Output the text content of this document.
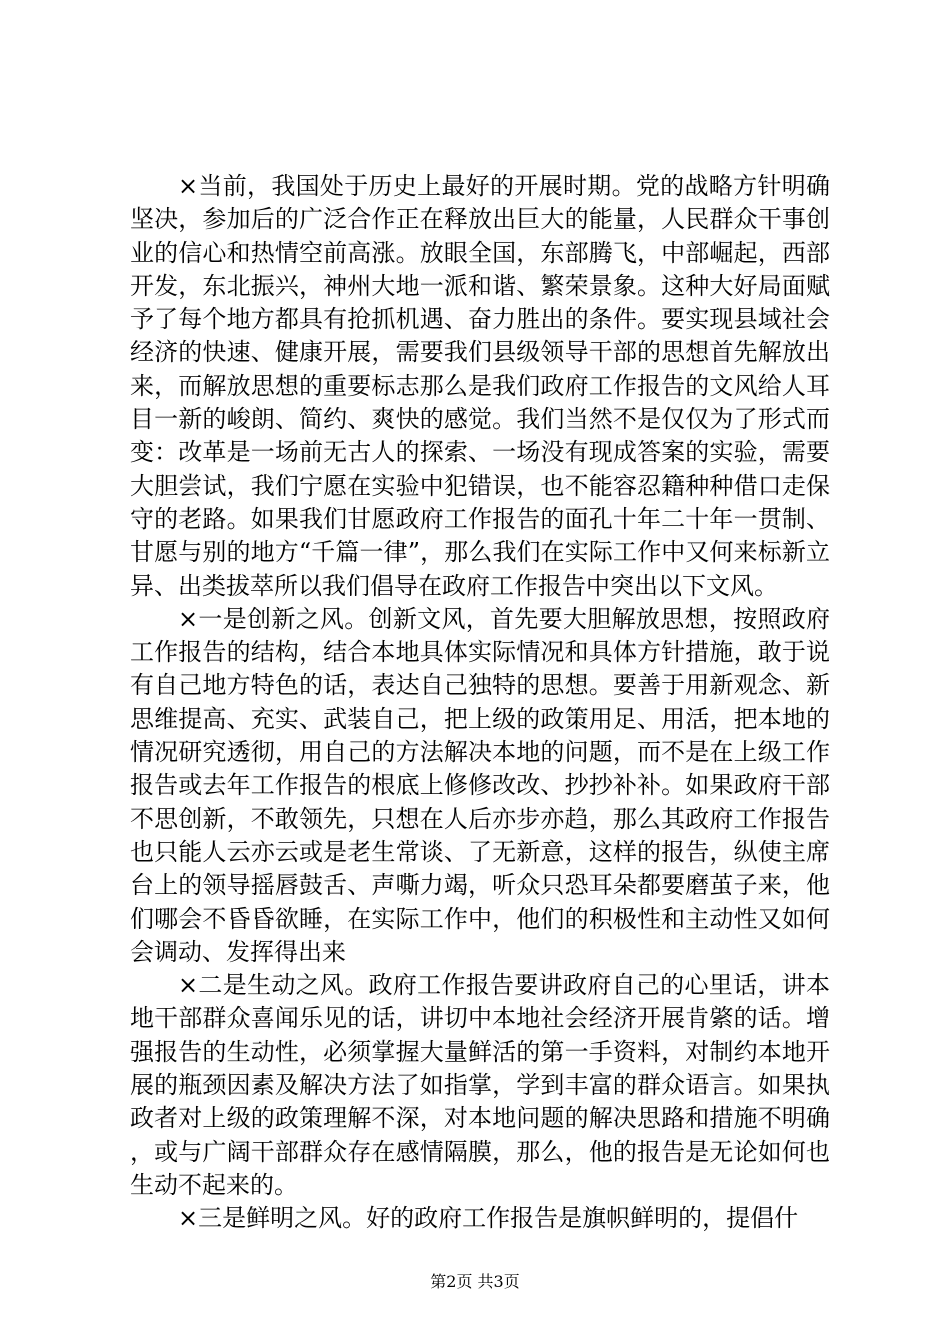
×当前，我国处于历史上最好的开展时期。党的战略方针明确坚决，参加后的广泛合作正在释放出巨大的能量，人民群众干事创业的信心和热情空前高涨。放眼全国，东部腾飞，中部崛起，西部开发，东北振兴，神州大地一派和谐、繁荣景象。这种大好局面赋予了每个地方都具有抢抓机遇、奋力胜出的条件。要实现县域社会经济的快速、健康开展，需要我们县级领导干部的思想首先解放出来，而解放思想的重要标志那么是我们政府工作报告的文风给人耳目一新的峻朗、简约、爽快的感觉。我们当然不是仅仅为了形式而变：改革是一场前无古人的探索、一场没有现成答案的实验，需要大胆尝试，我们宁愿在实验中犯错误，也不能容忍籍种种借口走保守的老路。如果我们甘愿政府工作报告的面孔十年二十年一贯制、甘愿与别的地方“千篇一律”，那么我们在实际工作中又何来标新立异、出类拔萃所以我们倡导在政府工作报告中突出以下文风。

×一是创新之风。创新文风，首先要大胆解放思想，按照政府工作报告的结构，结合本地具体实际情况和具体方针措施，敢于说有自己地方特色的话，表达自己独特的思想。要善于用新观念、新思维提高、充实、武装自己，把上级的政策用足、用活，把本地的情况研究透彻，用自己的方法解决本地的问题，而不是在上级工作报告或去年工作报告的根底上修修改改、抄抄补补。如果政府干部不思创新，不敢领先，只想在人后亦步亦趋，那么其政府工作报告也只能人云亦云或是老生常谈、了无新意，这样的报告，纵使主席台上的领导摇唇鼓舌、声嘶力竭，听众只恐耳朵都要磨茧子来，他们哪会不昏昏欲睡，在实际工作中，他们的积极性和主动性又如何会调动、发挥得出来

×二是生动之风。政府工作报告要讲政府自己的心里话，讲本地干部群众喜闻乐见的话，讲切中本地社会经济开展肯綮的话。增强报告的生动性，必须掌握大量鲜活的第一手资料，对制约本地开展的瓶颈因素及解决方法了如指掌，学到丰富的群众语言。如果执政者对上级的政策理解不深，对本地问题的解决思路和措施不明确，或与广阔干部群众存在感情隔膜，那么，他的报告是无论如何也生动不起来的。

×三是鲜明之风。好的政府工作报告是旗帜鲜明的，提倡什

第2页 共3页
